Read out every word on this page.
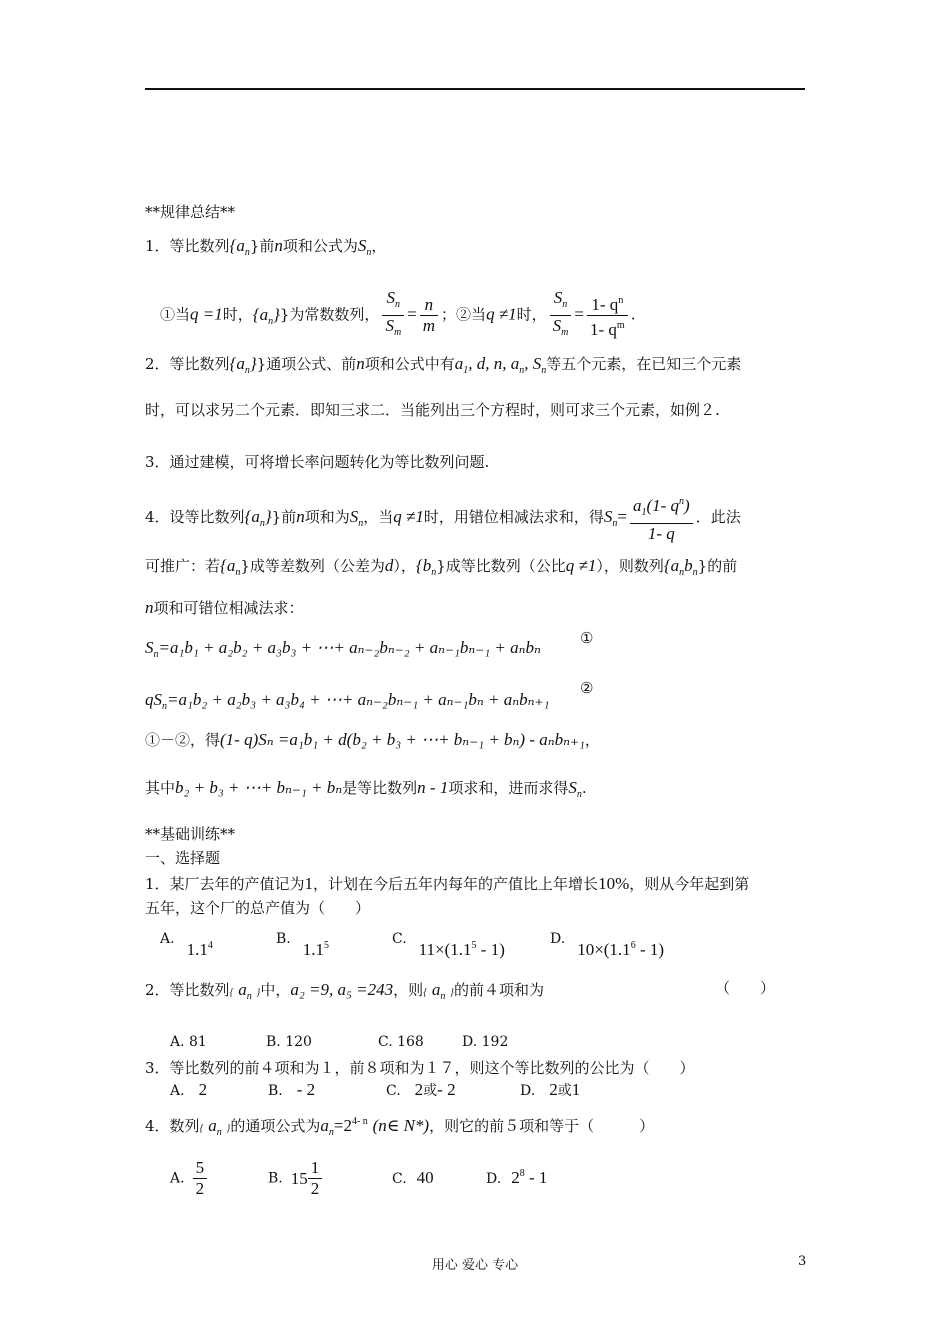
**规律总结**
1．等比数列$\{a_n\}$前n项和公式为$S_n$，
①当q =1时，$\{a_n\}$}为常数数列， $\frac{S_n}{S_m} = \frac{n}{m}$ ；②当q ≠1时， $\frac{S_n}{S_m} = \frac{1- q^n}{1- q^m}$ .
2．等比数列$\{a_n\}$}通项公式、前n项和公式中有$a_1$, d, n, $a_n$, $S_n$等五个元素，在已知三个元素
时，可以求另二个元素．即知三求二．当能列出三个方程时，则可求三个元素，如例２.
3．通过建模，可将增长率问题转化为等比数列问题.
4．设等比数列$\{a_n\}$}前n项和为$S_n$，当q ≠1时，用错位相减法求和，得$S_n= \frac{a_1(1- q^n)}{1- q}$ ．此法
可推广：若$\{a_n\}$成等差数列（公差为d），$\{b_n\}$成等比数列（公比q ≠1），则数列$\{a_nb_n\}$的前
n项和可错位相减法求：
$S_n=a_1b_1 + a_2b_2 + a_3b_3$ + ⋯+ aₙ₋₂bₙ₋₂ + aₙ₋₁bₙ₋₁ + aₙbₙ	①
$qS_n=a_1b_2 + a_2b_3 + a_3b_4$ + ⋯+ aₙ₋₂bₙ₋₁ + aₙ₋₁bₙ + aₙbₙ₊₁
②
①－②，得(1- q)Sₙ =a₁b₁ + d(b₂ + b₃ + ⋯+ bₙ₋₁ + bₙ) - aₙbₙ₊₁，
其中b₂ + b₃ + ⋯+ bₙ₋₁ + bₙ是等比数列n - 1项求和，进而求得$S_n$.
**基础训练**
一、选择题
1．某厂去年的产值记为1，计划在今后五年内每年的产值比上年增长10%，则从今年起到第
五年，这个厂的总产值为（　　）
A.1.1$^4$	B.1.1$^5$	$C.11\times(1.1^5 - 1)$
$D.10\times(1.1^6 - 1)$
2．等比数列{ $a_n$ }中，a₂ =9, a₅ =243，则{ $a_n$ }的前４项和为	（　　）
A. 81	B. 120	C. 168	D. 192
3．等比数列的前４项和为１，前８项和为１７，则这个等比数列的公比为（　　）
A. 2	B. - 2	C. 2或- 2	D. 2或1
4．数列{ $a_n$ }的通项公式为$a_n=2^{4- n}$ (n∈ N*)，则它的前５项和等于（　　　）
A. $\frac{5}{2}$	B. $15 \frac{1}{2}$	C. 40	D. $2^8 - 1$
用心 爱心 专心	3
